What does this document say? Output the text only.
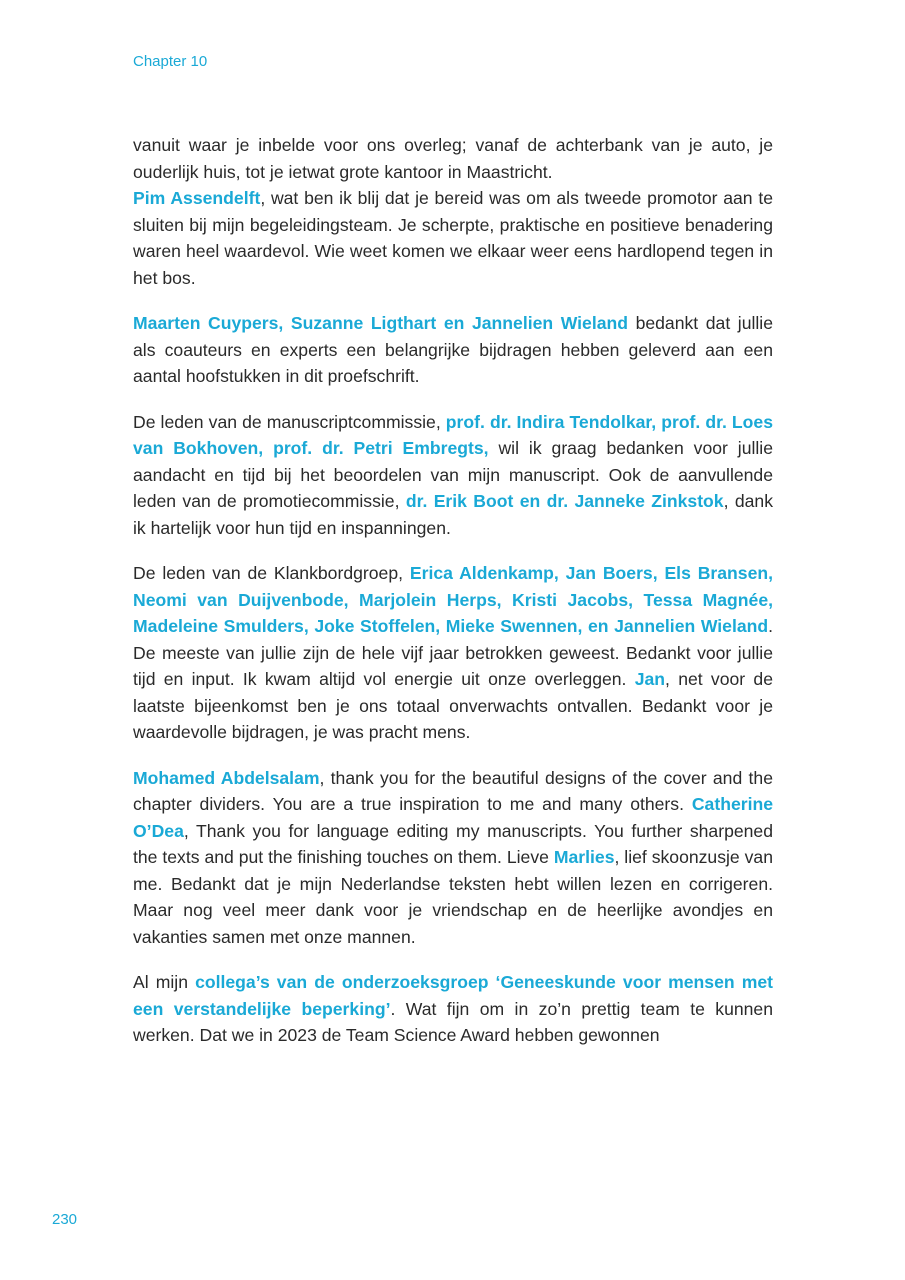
Chapter 10

vanuit waar je inbelde voor ons overleg; vanaf de achterbank van je auto, je ouderlijk huis, tot je ietwat grote kantoor in Maastricht.

Pim Assendelft, wat ben ik blij dat je bereid was om als tweede promotor aan te sluiten bij mijn begeleidingsteam. Je scherpte, praktische en positieve benadering waren heel waardevol. Wie weet komen we elkaar weer eens hardlopend tegen in het bos.

Maarten Cuypers, Suzanne Ligthart en Jannelien Wieland bedankt dat jullie als coauteurs en experts een belangrijke bijdragen hebben geleverd aan een aantal hoofstukken in dit proefschrift.

De leden van de manuscriptcommissie, prof. dr. Indira Tendolkar, prof. dr. Loes van Bokhoven, prof. dr. Petri Embregts, wil ik graag bedanken voor jullie aandacht en tijd bij het beoordelen van mijn manuscript. Ook de aanvullende leden van de promotiecommissie, dr. Erik Boot en dr. Janneke Zinkstok, dank ik hartelijk voor hun tijd en inspanningen.

De leden van de Klankbordgroep, Erica Aldenkamp, Jan Boers, Els Bransen, Neomi van Duijvenbode, Marjolein Herps, Kristi Jacobs, Tessa Magnée, Madeleine Smulders, Joke Stoffelen, Mieke Swennen, en Jannelien Wieland. De meeste van jullie zijn de hele vijf jaar betrokken geweest. Bedankt voor jullie tijd en input. Ik kwam altijd vol energie uit onze overleggen. Jan, net voor de laatste bijeenkomst ben je ons totaal onverwachts ontvallen. Bedankt voor je waardevolle bijdragen, je was pracht mens.

Mohamed Abdelsalam, thank you for the beautiful designs of the cover and the chapter dividers. You are a true inspiration to me and many others. Catherine O’Dea, Thank you for language editing my manuscripts. You further sharpened the texts and put the finishing touches on them. Lieve Marlies, lief skoonzusje van me. Bedankt dat je mijn Nederlandse teksten hebt willen lezen en corrigeren. Maar nog veel meer dank voor je vriendschap en de heerlijke avondjes en vakanties samen met onze mannen.

Al mijn collega’s van de onderzoeksgroep ‘Geneeskunde voor mensen met een verstandelijke beperking’. Wat fijn om in zo’n prettig team te kunnen werken. Dat we in 2023 de Team Science Award hebben gewonnen

230
